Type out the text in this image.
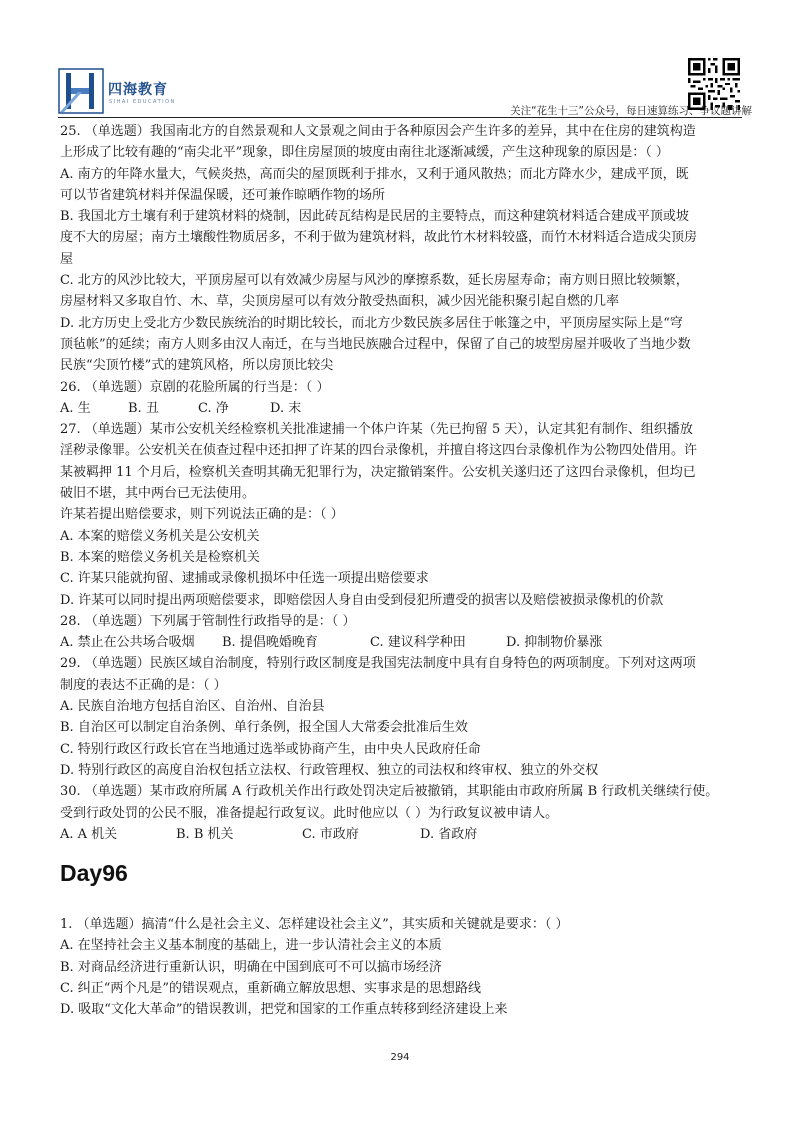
四海教育
SIHAI EDUCATION
关注“花生十三”公众号，每日速算练习、争议题讲解

25. （单选题）我国南北方的自然景观和人文景观之间由于各种原因会产生许多的差异，其中在住房的建筑构造

上形成了比较有趣的“南尖北平”现象，即住房屋顶的坡度由南往北逐渐减缓，产生这种现象的原因是：（ ）

A. 南方的年降水量大，气候炎热，高而尖的屋顶既利于排水，又利于通风散热；而北方降水少，建成平顶，既

可以节省建筑材料并保温保暖，还可兼作晾晒作物的场所

B. 我国北方土壤有利于建筑材料的烧制，因此砖瓦结构是民居的主要特点，而这种建筑材料适合建成平顶或坡

度不大的房屋；南方土壤酸性物质居多，不利于做为建筑材料，故此竹木材料较盛，而竹木材料适合造成尖顶房

屋

C. 北方的风沙比较大，平顶房屋可以有效减少房屋与风沙的摩擦系数，延长房屋寿命；南方则日照比较频繁，

房屋材料又多取自竹、木、草，尖顶房屋可以有效分散受热面积，减少因光能积聚引起自燃的几率

D. 北方历史上受北方少数民族统治的时期比较长，而北方少数民族多居住于帐篷之中，平顶房屋实际上是“穹

顶毡帐”的延续；南方人则多由汉人南迁，在与当地民族融合过程中，保留了自己的坡型房屋并吸收了当地少数

民族“尖顶竹楼”式的建筑风格，所以房顶比较尖

26. （单选题）京剧的花脸所属的行当是：（ ）

A. 生	B. 丑	C. 净	D. 末

27. （单选题）某市公安机关经检察机关批准逮捕一个体户许某（先已拘留 5 天），认定其犯有制作、组织播放

淫秽录像罪。公安机关在侦查过程中还扣押了许某的四台录像机，并擅自将这四台录像机作为公物四处借用。许

某被羁押 11 个月后，检察机关查明其确无犯罪行为，决定撤销案件。公安机关遂归还了这四台录像机，但均已

破旧不堪，其中两台已无法使用。

许某若提出赔偿要求，则下列说法正确的是：（ ）

A. 本案的赔偿义务机关是公安机关

B. 本案的赔偿义务机关是检察机关

C. 许某只能就拘留、逮捕或录像机损坏中任选一项提出赔偿要求

D. 许某可以同时提出两项赔偿要求，即赔偿因人身自由受到侵犯所遭受的损害以及赔偿被损录像机的价款

28. （单选题）下列属于管制性行政指导的是：（ ）

A. 禁止在公共场合吸烟	B. 提倡晚婚晚育	C. 建议科学种田	D. 抑制物价暴涨

29. （单选题）民族区域自治制度，特别行政区制度是我国宪法制度中具有自身特色的两项制度。下列对这两项

制度的表达不正确的是：（ ）

A. 民族自治地方包括自治区、自治州、自治县

B. 自治区可以制定自治条例、单行条例，报全国人大常委会批准后生效

C. 特别行政区行政长官在当地通过选举或协商产生，由中央人民政府任命

D. 特别行政区的高度自治权包括立法权、行政管理权、独立的司法权和终审权、独立的外交权

30. （单选题）某市政府所属 A 行政机关作出行政处罚决定后被撤销，其职能由市政府所属 B 行政机关继续行使。

受到行政处罚的公民不服，准备提起行政复议。此时他应以（ ）为行政复议被申请人。

A. A 机关	B. B 机关	C. 市政府	D. 省政府
Day96

1. （单选题）搞清“什么是社会主义、怎样建设社会主义”，其实质和关键就是要求：（ ）

A. 在坚持社会主义基本制度的基础上，进一步认清社会主义的本质

B. 对商品经济进行重新认识，明确在中国到底可不可以搞市场经济

C. 纠正“两个凡是”的错误观点，重新确立解放思想、实事求是的思想路线

D. 吸取“文化大革命”的错误教训，把党和国家的工作重点转移到经济建设上来

294
